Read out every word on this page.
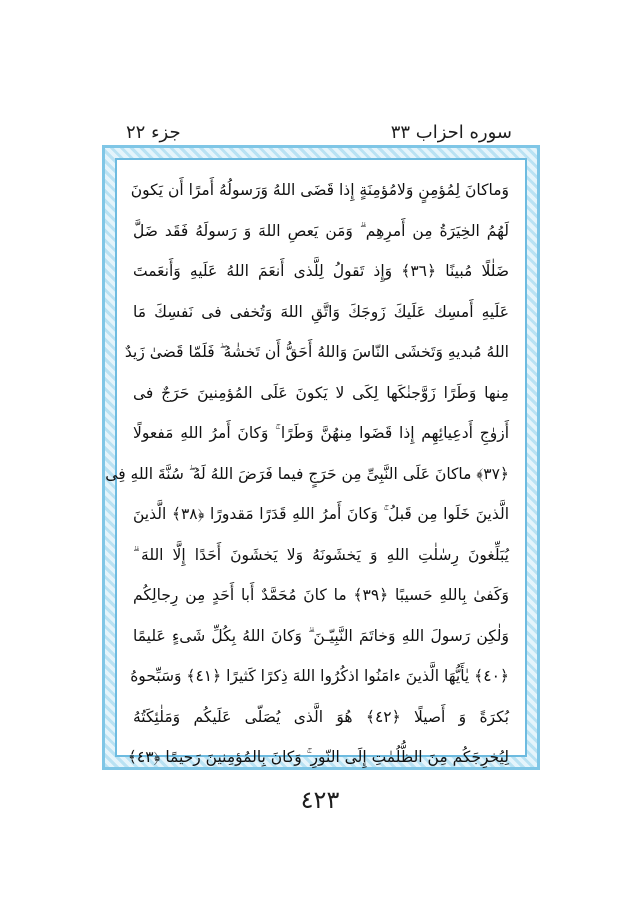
جزء ٢٢	سوره احزاب ٣٣
وَماكانَ لِمُؤمِنٍ وَلامُؤمِنَةٍ إِذا قَضَى اللهُ وَرَسولُهُ أَمرًا أَن يَكونَ
لَهُمُ الخِيَرَةُ مِن أَمرِهِم ۗ وَمَن يَعصِ اللهَ وَ رَسولَهُ فَقَد ضَلَّ
ضَلٰلًا مُبينًا ﴿٣٦﴾ وَإِذ تَقولُ لِلَّذى أَنعَمَ اللهُ عَلَيهِ وَأَنعَمتَ
عَلَيهِ أَمسِك عَلَيكَ زَوجَكَ وَاتَّقِ اللهَ وَتُخفى فى نَفسِكَ مَا
اللهُ مُبديهِ وَتَخشَى النّاسَ وَاللهُ أَحَقُّ أَن تَخشٰهُ ۖ فَلَمّا قَضىٰ زَيدٌ
مِنها وَطَرًا زَوَّجنٰكَها لِكَى لا يَكونَ عَلَى المُؤمِنينَ حَرَجٌ فى
أَزوٰجِ أَدعِيائِهِم إِذا قَضَوا مِنهُنَّ وَطَرًا ۚ وَكانَ أَمرُ اللهِ مَفعولًا
﴿٣٧﴾ ماكانَ عَلَى النَّبِىِّ مِن حَرَجٍ فيما فَرَضَ اللهُ لَهُ ۖ سُنَّةَ اللهِ فِى
الَّذينَ خَلَوا مِن قَبلُ ۚ وَكانَ أَمرُ اللهِ قَدَرًا مَقدورًا ﴿٣٨﴾ الَّذينَ
يُبَلِّغونَ رِسٰلٰتِ اللهِ وَ يَخشَونَهُ وَلا يَخشَونَ أَحَدًا إِلَّا اللهَ ۗ
وَكَفىٰ بِاللهِ حَسيبًا ﴿٣٩﴾ ما كانَ مُحَمَّدٌ أَبا أَحَدٍ مِن رِجالِكُم
وَلٰكِن رَسولَ اللهِ وَخاتَمَ النَّبِيّـنَ ۗ وَكانَ اللهُ بِكُلِّ شَىءٍ عَليمًا
﴿٤٠﴾ يٰأَيُّهَا الَّذينَ ءامَنُوا اذكُرُوا اللهَ ذِكرًا كَثيرًا ﴿٤١﴾ وَسَبِّحوهُ
بُكرَةً وَ أَصيلًا ﴿٤٢﴾ هُوَ الَّذى يُصَلّى عَلَيكُم وَمَلٰئِكَتُهُ
لِيُخرِجَكُم مِنَ الظُّلُمٰتِ إِلَى النّورِ ۚ وَكانَ بِالمُؤمِنينَ رَحيمًا ﴿٤٣﴾
٤٢٣
